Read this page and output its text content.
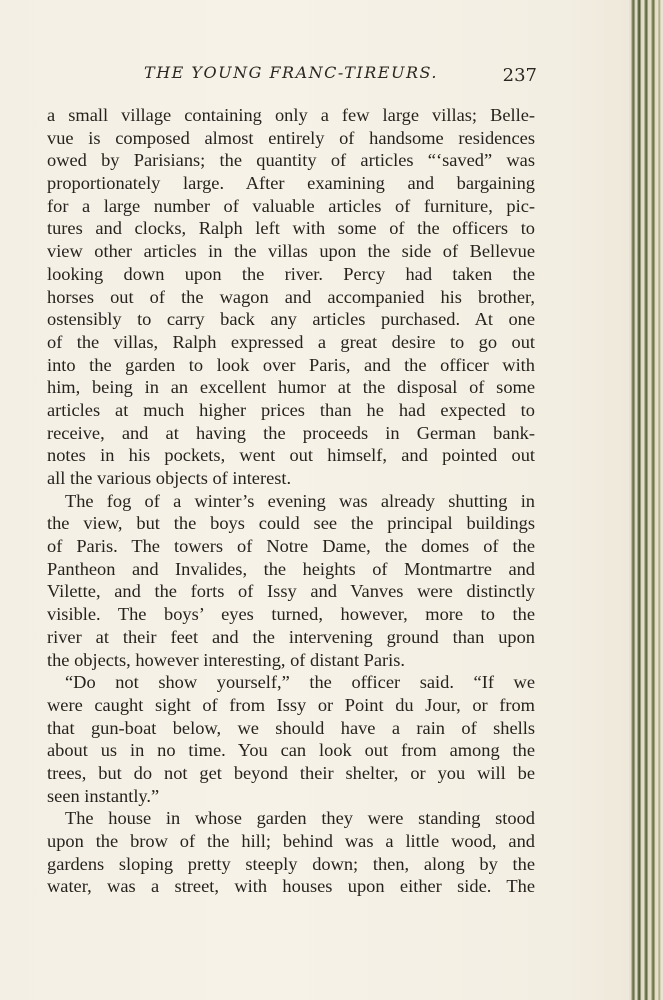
THE YOUNG FRANC-TIREURS.	237
a small village containing only a few large villas; Belle-
vue is composed almost entirely of handsome residences
owed by Parisians; the quantity of articles “‘saved” was
proportionately large. After examining and bargaining
for a large number of valuable articles of furniture, pic-
tures and clocks, Ralph left with some of the officers to
view other articles in the villas upon the side of Bellevue
looking down upon the river. Percy had taken the
horses out of the wagon and accompanied his brother,
ostensibly to carry back any articles purchased. At one
of the villas, Ralph expressed a great desire to go out
into the garden to look over Paris, and the officer with
him, being in an excellent humor at the disposal of some
articles at much higher prices than he had expected to
receive, and at having the proceeds in German bank-
notes in his pockets, went out himself, and pointed out
all the various objects of interest.
The fog of a winter’s evening was already shutting in
the view, but the boys could see the principal buildings
of Paris. The towers of Notre Dame, the domes of the
Pantheon and Invalides, the heights of Montmartre and
Vilette, and the forts of Issy and Vanves were distinctly
visible. The boys’ eyes turned, however, more to the
river at their feet and the intervening ground than upon
the objects, however interesting, of distant Paris.
“Do not show yourself,” the officer said. “If we
were caught sight of from Issy or Point du Jour, or from
that gun-boat below, we should have a rain of shells
about us in no time. You can look out from among the
trees, but do not get beyond their shelter, or you will be
seen instantly.”
The house in whose garden they were standing stood
upon the brow of the hill; behind was a little wood, and
gardens sloping pretty steeply down; then, along by the
water, was a street, with houses upon either side. The
